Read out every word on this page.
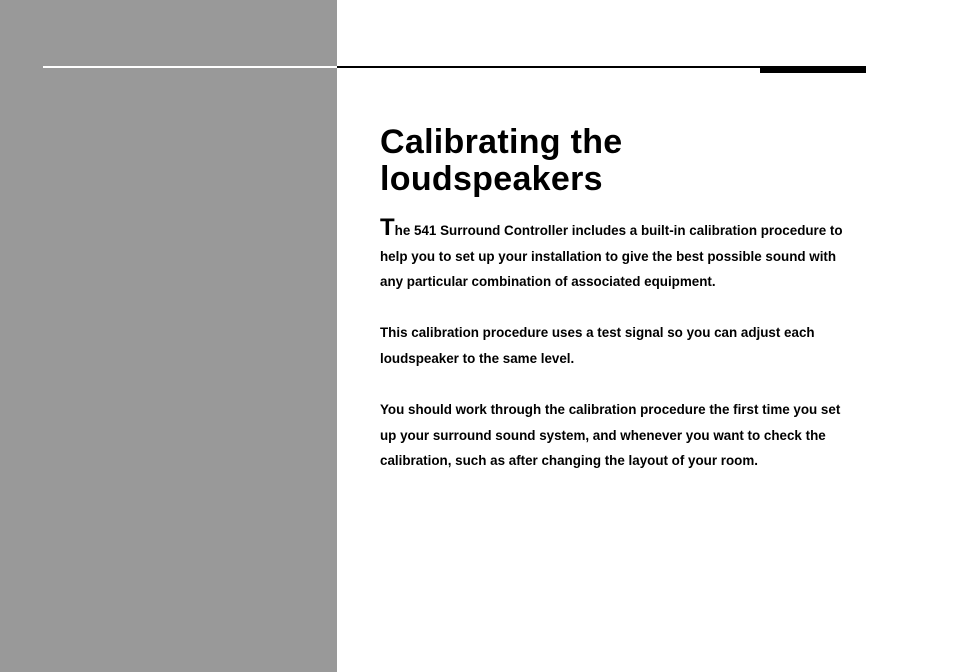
Calibrating the
loudspeakers

The 541 Surround Controller includes a built-in calibration procedure to help you to set up your installation to give the best possible sound with any particular combination of associated equipment.

This calibration procedure uses a test signal so you can adjust each loudspeaker to the same level.

You should work through the calibration procedure the first time you set up your surround sound system, and whenever you want to check the calibration, such as after changing the layout of your room.
